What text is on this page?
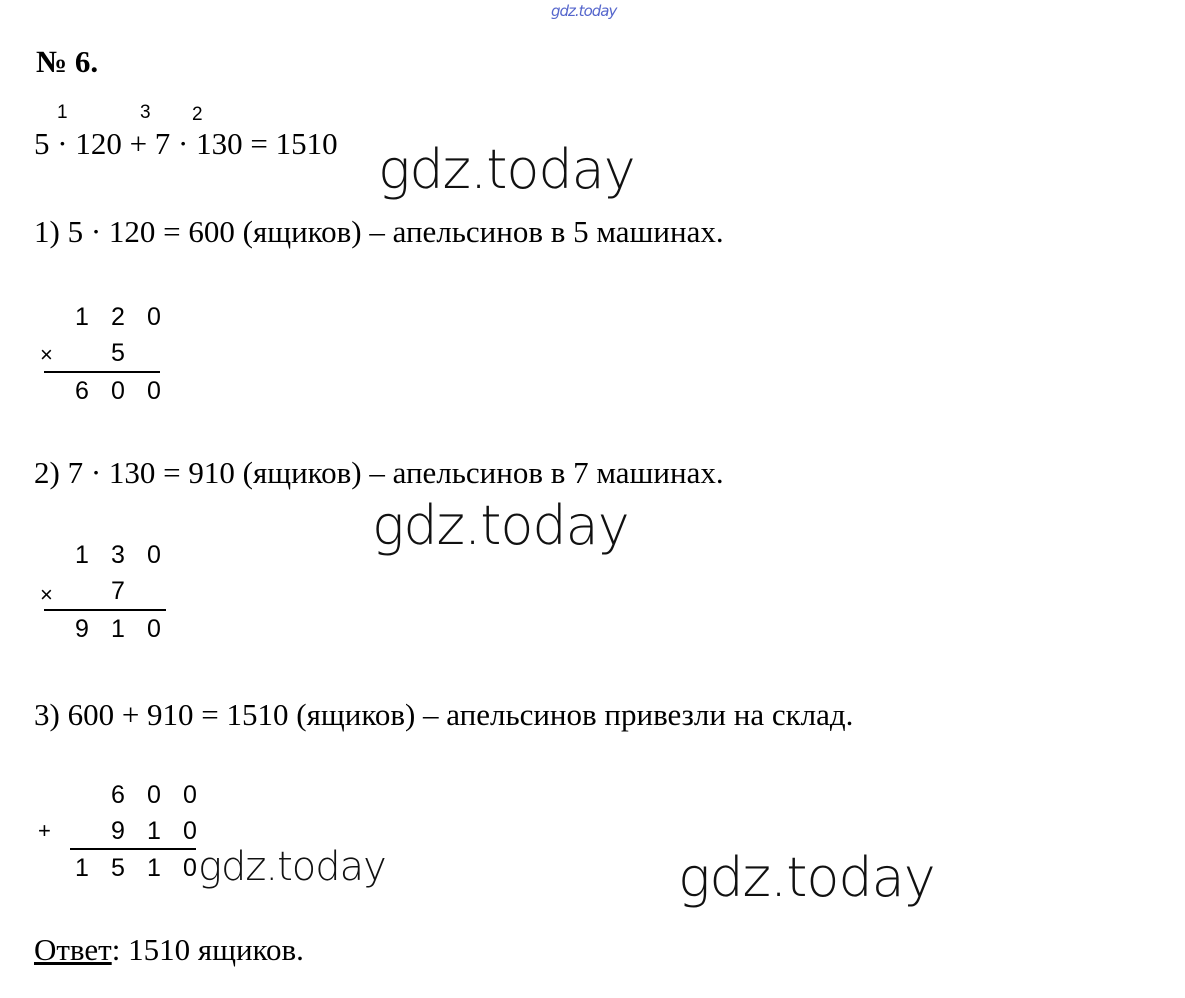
gdz.today
№ 6.
1	3 2
5 · 120 + 7 · 130 = 1510 gdz.today
1) 5 · 120 = 600 (ящиков) – апельсинов в 5 машинах.
1 2 0
×	5
6 0 0
2) 7 · 130 = 910 (ящиков) – апельсинов в 7 машинах.
gdz.today
1 3 0
×	7
9 1 0
3) 600 + 910 = 1510 (ящиков) – апельсинов привезли на склад.
6 0 0
+	9 1 0
1 5 1 0 gdz.today	gdz.today
Ответ: 1510 ящиков.
